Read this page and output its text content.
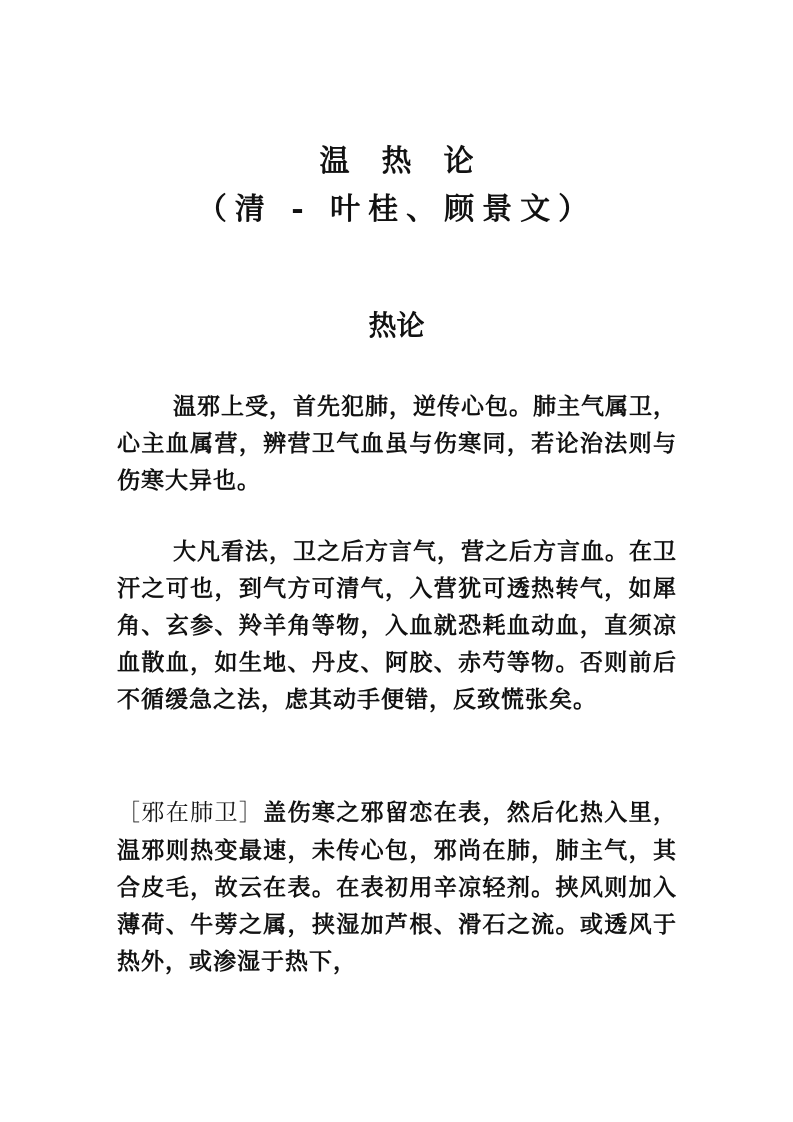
温热论
（清 - 叶桂、顾景文）
热论

温邪上受，首先犯肺，逆传心包。肺主气属卫，心主血属营，辨营卫气血虽与伤寒同，若论治法则与伤寒大异也。

大凡看法，卫之后方言气，营之后方言血。在卫汗之可也，到气方可清气，入营犹可透热转气，如犀角、玄参、羚羊角等物，入血就恐耗血动血，直须凉血散血，如生地、丹皮、阿胶、赤芍等物。否则前后不循缓急之法，虑其动手便错，反致慌张矣。

［邪在肺卫］盖伤寒之邪留恋在表，然后化热入里，温邪则热变最速，未传心包，邪尚在肺，肺主气，其合皮毛，故云在表。在表初用辛凉轻剂。挟风则加入薄荷、牛蒡之属，挟湿加芦根、滑石之流。或透风于热外，或渗湿于热下，
